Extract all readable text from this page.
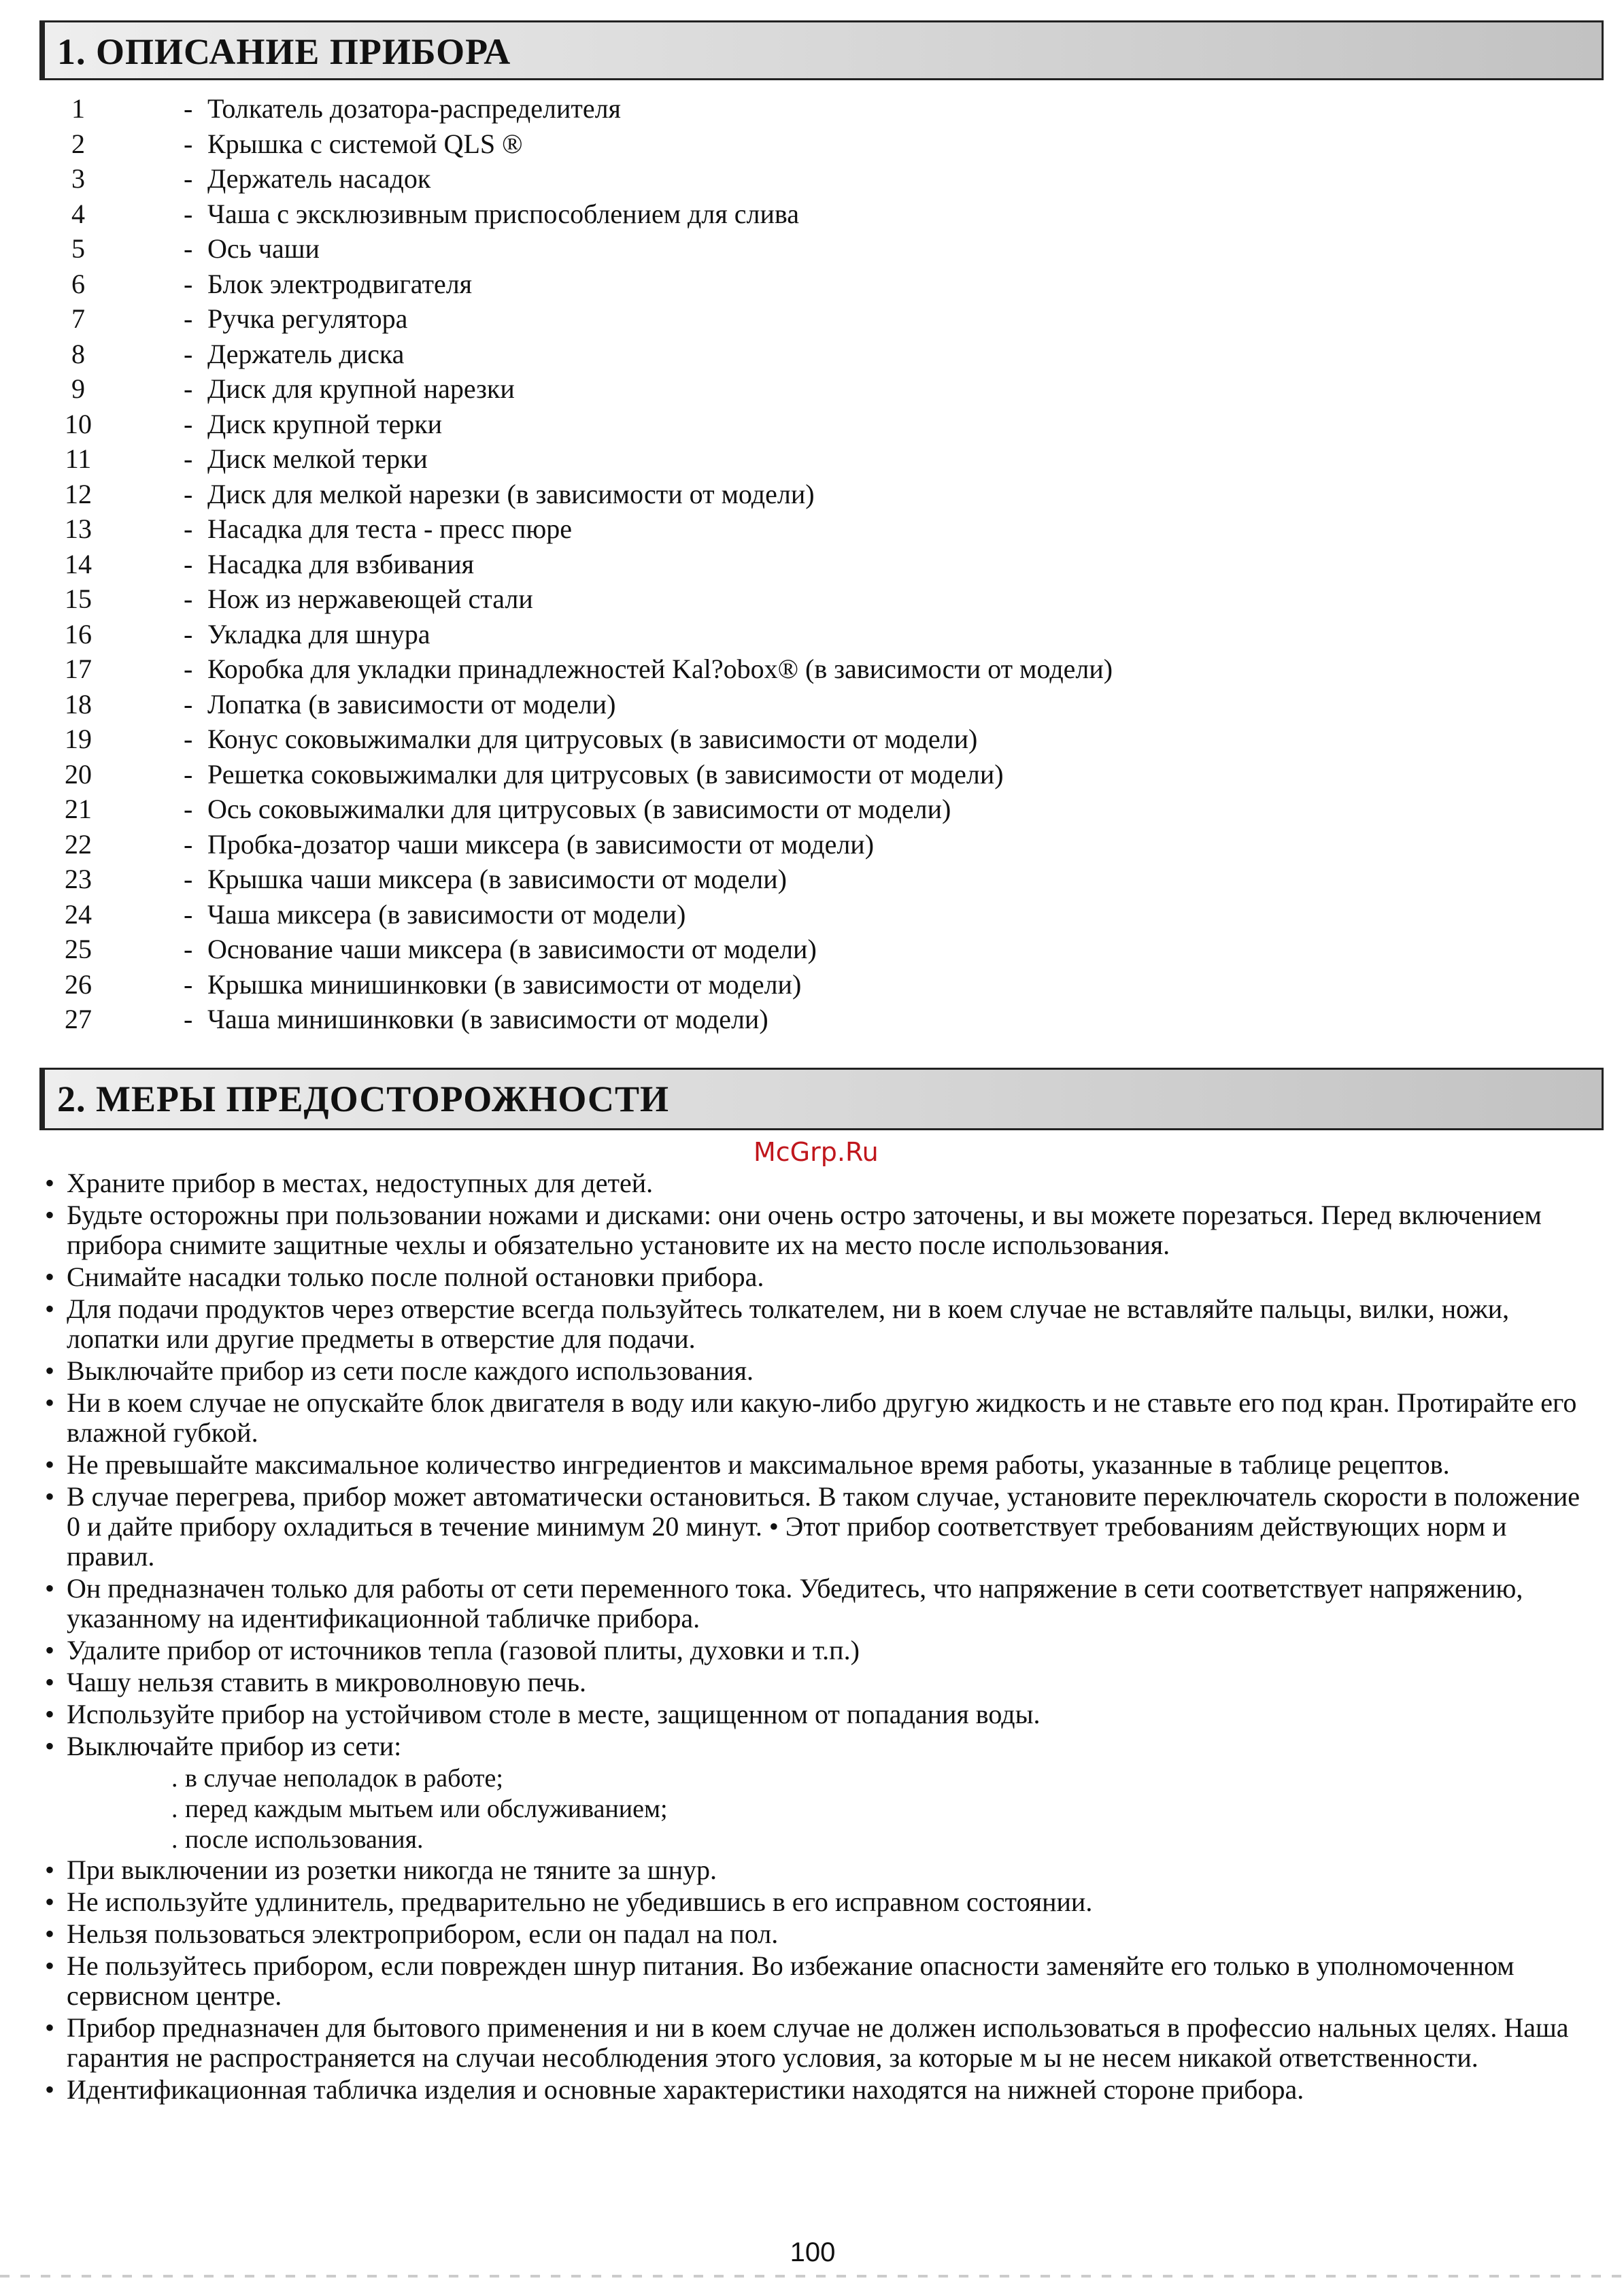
1. ОПИСАНИЕ ПРИБОРА
1	- Толкатель дозатора-распределителя
2	- Крышка с системой QLS ®
3	- Держатель насадок
4	- Чаша с эксклюзивным приспособлением для слива
5	- Ось чаши
6	- Блок электродвигателя
7	- Ручка регулятора
8	- Держатель диска
9	- Диск для крупной нарезки
10	- Диск крупной терки
11	- Диск мелкой терки
12	- Диск для мелкой нарезки (в зависимости от модели)
13	- Насадка для теста - пресс пюре
14	- Насадка для взбивания
15	- Нож из нержавеющей стали
16	- Укладка для шнура
17	- Коробка для укладки принадлежностей Kal?obox® (в зависимости от модели)
18	- Лопатка (в зависимости от модели)
19	- Конус соковыжималки для цитрусовых (в зависимости от модели)
20	- Решетка соковыжималки для цитрусовых (в зависимости от модели)
21	- Ось соковыжималки для цитрусовых (в зависимости от модели)
22	- Пробка-дозатор чаши миксера (в зависимости от модели)
23	- Крышка чаши миксера (в зависимости от модели)
24	- Чаша миксера (в зависимости от модели)
25	- Основание чаши миксера (в зависимости от модели)
26	- Крышка минишинковки (в зависимости от модели)
27	- Чаша минишинковки (в зависимости от модели)
2. МЕРЫ ПРЕДОСТОРОЖНОСТИ
McGrp.Ru
• Храните прибор в местах, недоступных для детей.
• Будьте осторожны при пользовании ножами и дисками: они очень остро заточены, и вы можете порезаться. Перед включением прибора снимите защитные чехлы и обязательно установите их на место после использования.
• Снимайте насадки только после полной остановки прибора.
• Для подачи продуктов через отверстие всегда пользуйтесь толкателем, ни в коем случае не вставляйте пальцы, вилки, ножи, лопатки или другие предметы в отверстие для подачи.
• Выключайте прибор из сети после каждого использования.
• Ни в коем случае не опускайте блок двигателя в воду или какую-либо другую жидкость и не ставьте его под кран. Протирайте его влажной губкой.
• Не превышайте максимальное количество ингредиентов и максимальное время работы, указанные в таблице рецептов.
• В случае перегрева, прибор может автоматически остановиться. В таком случае, установите переключатель скорости в положение 0 и дайте прибору охладиться в течение минимум 20 минут. • Этот прибор соответствует требованиям действующих норм и правил.
• Он предназначен только для работы от сети переменного тока. Убедитесь, что напряжение в сети соответствует напряжению, указанному на идентификационной табличке прибора.
• Удалите прибор от источников тепла (газовой плиты, духовки и т.п.)
• Чашу нельзя ставить в микроволновую печь.
• Используйте прибор на устойчивом столе в месте, защищенном от попадания воды.
• Выключайте прибор из сети:
. в случае неполадок в работе;
. перед каждым мытьем или обслуживанием;
. после использования.
• При выключении из розетки никогда не тяните за шнур.
• Не используйте удлинитель, предварительно не убедившись в его исправном состоянии.
• Нельзя пользоваться электроприбором, если он падал на пол.
• Не пользуйтесь прибором, если поврежден шнур питания. Во избежание опасности заменяйте его только в уполномоченном сервисном центре.
• Прибор предназначен для бытового применения и ни в коем случае не должен использоваться в профессио нальных целях. Наша гарантия не распространяется на случаи несоблюдения этого условия, за которые м ы не несем никакой ответственности.
• Идентификационная табличка изделия и основные характеристики находятся на нижней стороне прибора.
100
